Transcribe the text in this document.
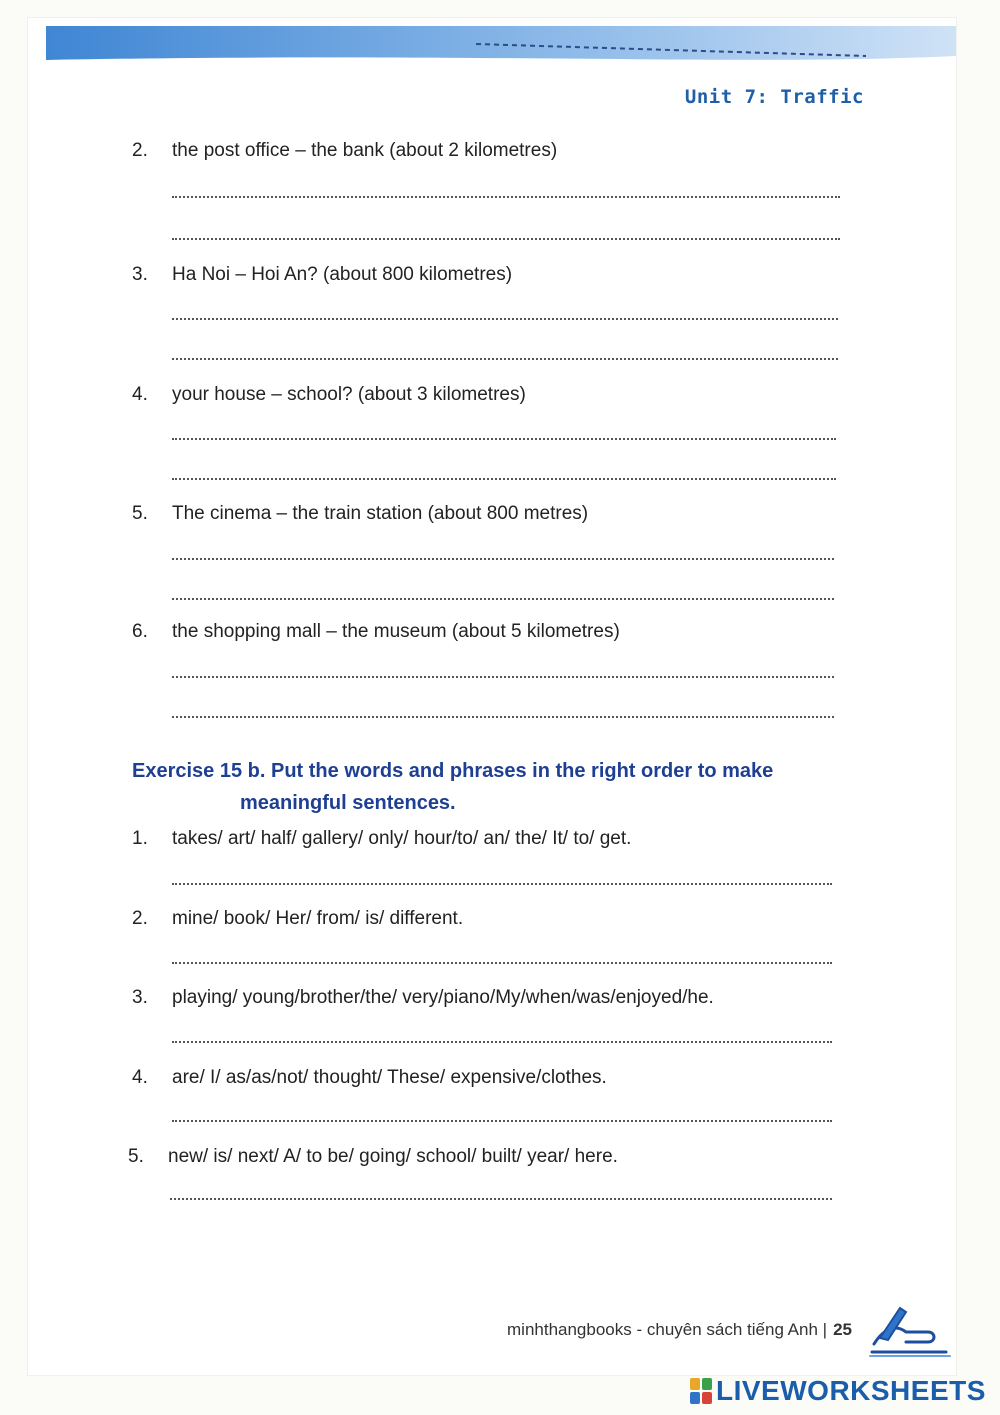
Unit 7: Traffic
2. the post office – the bank (about 2 kilometres)
3. Ha Noi – Hoi An? (about 800 kilometres)
4. your house – school? (about 3 kilometres)
5. The cinema – the train station (about 800 metres)
6. the shopping mall – the museum (about 5 kilometres)
Exercise 15 b. Put the words and phrases in the right order to make
meaningful sentences.
1. takes/ art/ half/ gallery/ only/ hour/to/ an/ the/ It/ to/ get.
2. mine/ book/ Her/ from/ is/ different.
3. playing/ young/brother/the/ very/piano/My/when/was/enjoyed/he.
4. are/ I/ as/as/not/ thought/ These/ expensive/clothes.
5. new/ is/ next/ A/ to be/ going/ school/ built/ year/ here.
minhthangbooks - chuyên sách tiếng Anh | 25
LIVEWORKSHEETS
